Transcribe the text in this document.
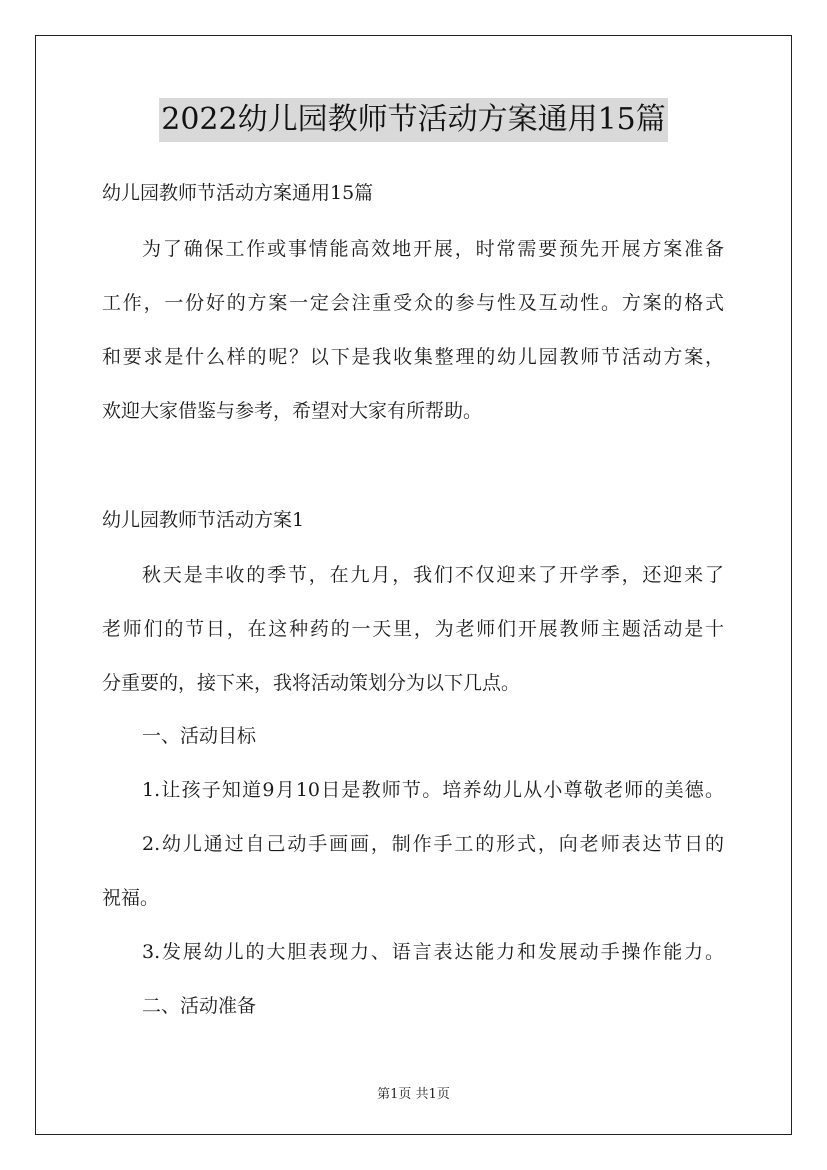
2022幼儿园教师节活动方案通用15篇
幼儿园教师节活动方案通用15篇
为了确保工作或事情能高效地开展，时常需要预先开展方案准备
工作，一份好的方案一定会注重受众的参与性及互动性。方案的格式
和要求是什么样的呢？以下是我收集整理的幼儿园教师节活动方案，
欢迎大家借鉴与参考，希望对大家有所帮助。
幼儿园教师节活动方案1
秋天是丰收的季节，在九月，我们不仅迎来了开学季，还迎来了
老师们的节日，在这种药的一天里，为老师们开展教师主题活动是十
分重要的，接下来，我将活动策划分为以下几点。
一、活动目标
1.让孩子知道9月10日是教师节。培养幼儿从小尊敬老师的美德。
2.幼儿通过自己动手画画，制作手工的形式，向老师表达节日的
祝福。
3.发展幼儿的大胆表现力、语言表达能力和发展动手操作能力。
二、活动准备
第1页 共1页
